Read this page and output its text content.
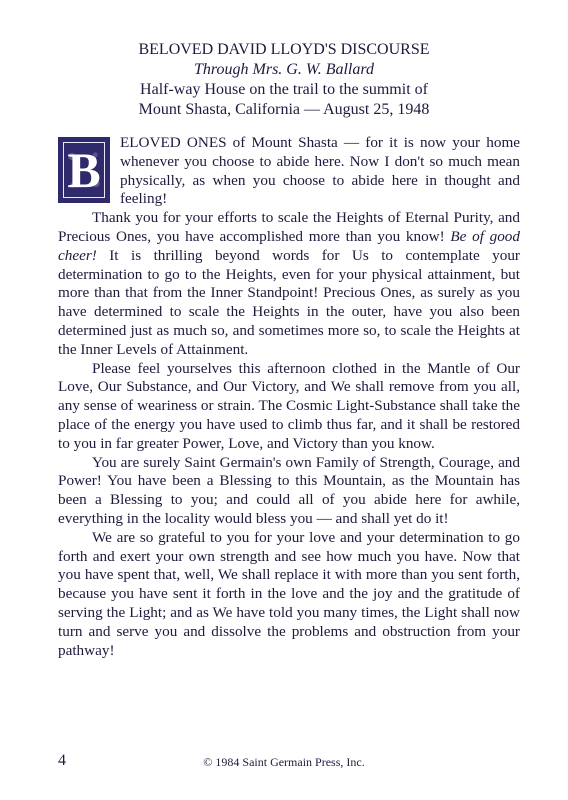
BELOVED DAVID LLOYD'S DISCOURSE
Through Mrs. G. W. Ballard
Half-way House on the trail to the summit of
Mount Shasta, California — August 25, 1948

B ELOVED ONES of Mount Shasta — for it is now your home whenever you choose to abide here. Now I don't so much mean physically, as when you choose to abide here in thought and feeling!

Thank you for your efforts to scale the Heights of Eternal Purity, and Precious Ones, you have accomplished more than you know! Be of good cheer! It is thrilling beyond words for Us to contemplate your determination to go to the Heights, even for your physical attainment, but more than that from the Inner Standpoint! Precious Ones, as surely as you have determined to scale the Heights in the outer, have you also been determined just as much so, and sometimes more so, to scale the Heights at the Inner Levels of Attainment.

Please feel yourselves this afternoon clothed in the Mantle of Our Love, Our Substance, and Our Victory, and We shall remove from you all, any sense of weariness or strain. The Cosmic Light-Substance shall take the place of the energy you have used to climb thus far, and it shall be restored to you in far greater Power, Love, and Victory than you know.

You are surely Saint Germain's own Family of Strength, Courage, and Power! You have been a Blessing to this Mountain, as the Mountain has been a Blessing to you; and could all of you abide here for awhile, everything in the locality would bless you — and shall yet do it!

We are so grateful to you for your love and your determination to go forth and exert your own strength and see how much you have. Now that you have spent that, well, We shall replace it with more than you sent forth, because you have sent it forth in the love and the joy and the gratitude of serving the Light; and as We have told you many times, the Light shall now turn and serve you and dissolve the problems and obstruction from your pathway!

4	© 1984 Saint Germain Press, Inc.
